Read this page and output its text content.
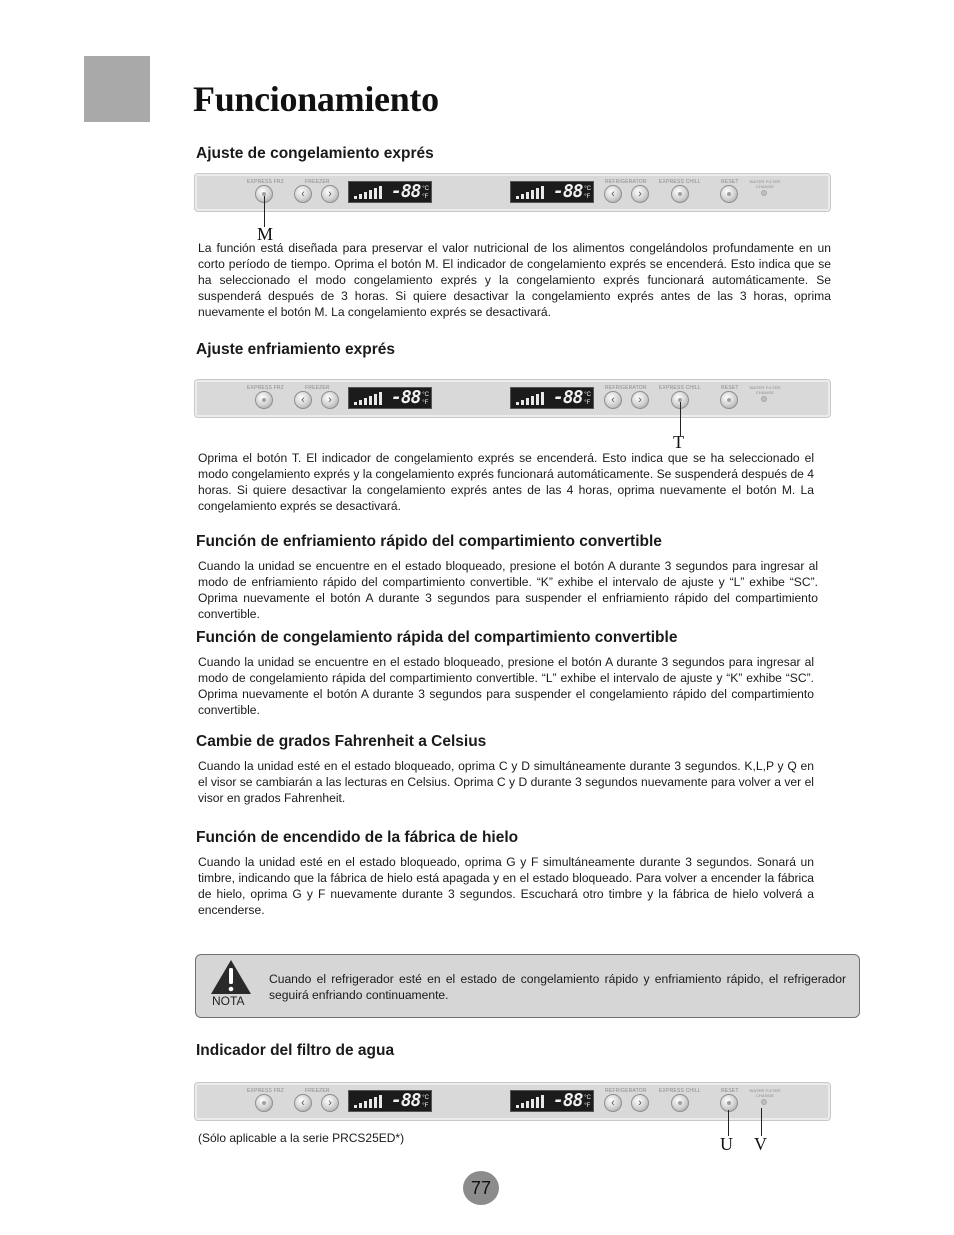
Funcionamiento
Ajuste de congelamiento exprés
EXPRESS FRZ	FREEZER	REFRIGERATOR EXPRESS CHILL	RESET	WATER FILTER CHANGE
‹	›	-88 °C
°F	-88 °C
°F	‹	›
M

La función está diseñada para preservar el valor nutricional de los alimentos congelándolos profundamente en un corto período de tiempo. Oprima el botón M. El indicador de congelamiento exprés se encenderá. Esto indica que se ha seleccionado el modo congelamiento exprés y la congelamiento exprés funcionará automáticamente. Se suspenderá después de 3 horas. Si quiere desactivar la congelamiento exprés antes de las 3 horas, oprima nuevamente el botón M. La congelamiento exprés se desactivará.

Ajuste enfriamiento exprés
EXPRESS FRZ	FREEZER	REFRIGERATOR EXPRESS CHILL	RESET	WATER FILTER CHANGE
‹	›	-88 °C
°F	-88 °C
°F	‹	›
T

Oprima el botón T. El indicador de congelamiento exprés se encenderá. Esto indica que se ha seleccionado el modo congelamiento exprés y la congelamiento exprés funcionará automáticamente. Se suspenderá después de 4 horas. Si quiere desactivar la congelamiento exprés antes de las 4 horas, oprima nuevamente el botón M. La congelamiento exprés se desactivará.

Función de enfriamiento rápido del compartimiento convertible

Cuando la unidad se encuentre en el estado bloqueado, presione el botón A durante 3 segundos para ingresar al modo de enfriamiento rápido del compartimiento convertible. “K” exhibe el intervalo de ajuste y “L” exhibe “SC”. Oprima nuevamente el botón A durante 3 segundos para suspender el enfriamiento rápido del compartimiento convertible.

Función de congelamiento rápida del compartimiento convertible

Cuando la unidad se encuentre en el estado bloqueado, presione el botón A durante 3 segundos para ingresar al modo de congelamiento rápida del compartimiento convertible. “L” exhibe el intervalo de ajuste y “K” exhibe “SC”. Oprima nuevamente el botón A durante 3 segundos para suspender el congelamiento rápido del compartimiento convertible.

Cambie de grados Fahrenheit a Celsius

Cuando la unidad esté en el estado bloqueado, oprima C y D simultáneamente durante 3 segundos. K,L,P y Q en el visor se cambiarán a las lecturas en Celsius. Oprima C y D durante 3 segundos nuevamente para volver a ver el visor en grados Fahrenheit.

Función de encendido de la fábrica de hielo

Cuando la unidad esté en el estado bloqueado, oprima G y F simultáneamente durante 3 segundos. Sonará un timbre, indicando que la fábrica de hielo está apagada y en el estado bloqueado. Para volver a encender la fábrica de hielo, oprima G y F nuevamente durante 3 segundos. Escuchará otro timbre y la fábrica de hielo volverá a encenderse.

NOTA

Cuando el refrigerador esté en el estado de congelamiento rápido y enfriamiento rápido, el refrigerador seguirá enfriando continuamente.

Indicador del filtro de agua
EXPRESS FRZ	FREEZER	REFRIGERATOR EXPRESS CHILL	RESET	WATER FILTER CHANGE
‹	›	-88 °C
°F	-88 °C
°F	‹	›
U V
(Sólo aplicable a la serie PRCS25ED*)
77
